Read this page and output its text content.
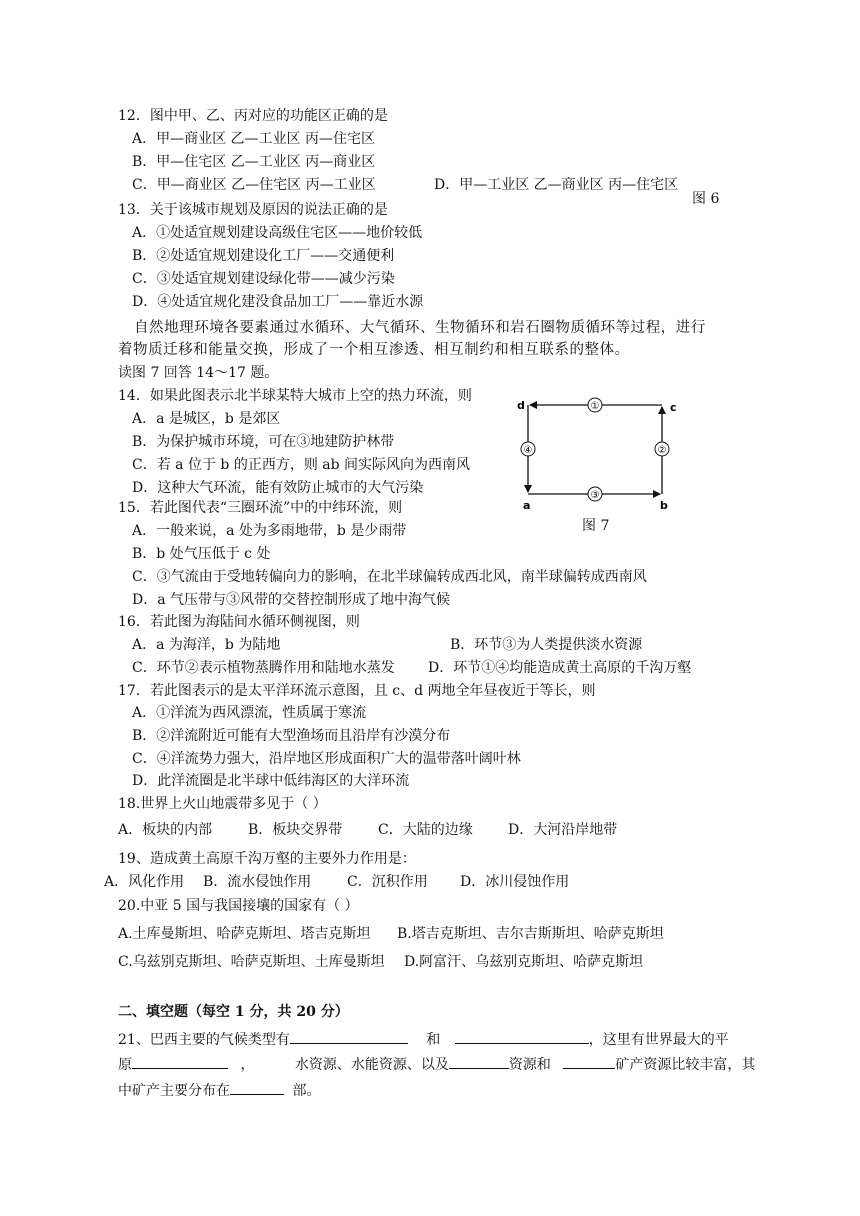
12．图中甲、乙、丙对应的功能区正确的是
A．甲—商业区 乙—工业区 丙—住宅区
B．甲—住宅区 乙—工业区 丙—商业区
C．甲—商业区 乙—住宅区 丙—工业区	D．甲—工业区 乙—商业区 丙—住宅区
图 6
13．关于该城市规划及原因的说法正确的是
A．①处适宜规划建设高级住宅区——地价较低
B．②处适宜规划建设化工厂——交通便利
C．③处适宜规划建设绿化带——减少污染
D．④处适宜规化建没食品加工厂——靠近水源
自然地理环境各要素通过水循环、大气循环、生物循环和岩石圈物质循环等过程，进行
着物质迁移和能量交换，形成了一个相互渗透、相互制约和相互联系的整体。
读图 7 回答 14～17 题。
14．如果此图表示北半球某特大城市上空的热力环流，则
A．a 是城区，b 是郊区
B．为保护城市环境，可在③地建防护林带
C．若 a 位于 b 的正西方，则 ab 间实际风向为西南风
D．这种大气环流，能有效防止城市的大气污染
①
④
③
②
d	c
a	b
图 7
15．若此图代表“三圈环流”中的中纬环流，则
A．一般来说，a 处为多雨地带，b 是少雨带
B．b 处气压低于 c 处
C．③气流由于受地转偏向力的影响，在北半球偏转成西北风，南半球偏转成西南风
D．a 气压带与③风带的交替控制形成了地中海气候
16．若此图为海陆间水循环侧视图，则
A．a 为海洋，b 为陆地	B．环节③为人类提供淡水资源
C．环节②表示植物蒸腾作用和陆地水蒸发 D．环节①④均能造成黄土高原的千沟万壑
17．若此图表示的是太平洋环流示意图，且 c、d 两地全年昼夜近于等长，则
A．①洋流为西风漂流，性质属于寒流
B．②洋流附近可能有大型渔场而且沿岸有沙漠分布
C．④洋流势力强大，沿岸地区形成面积广大的温带落叶阔叶林
D．此洋流圈是北半球中低纬海区的大洋环流
18.世界上火山地震带多见于（ ）
A．板块的内部	B．板块交界带	C．大陆的边缘	D．大河沿岸地带
19、造成黄土高原千沟万壑的主要外力作用是：
A．风化作用 B．流水侵蚀作用	C．沉积作用 D．冰川侵蚀作用
20.中亚 5 国与我国接壤的国家有（ ）
A.土库曼斯坦、哈萨克斯坦、塔吉克斯坦 B.塔吉克斯坦、吉尔吉斯斯坦、哈萨克斯坦
C.乌兹别克斯坦、哈萨克斯坦、土库曼斯坦 D.阿富汗、乌兹别克斯坦、哈萨克斯坦
二、填空题（每空 1 分，共 20 分）
21、巴西主要的气候类型有	和	，这里有世界最大的平
原	，	水资源、水能资源、以及	资源和	矿产资源比较丰富，其
中矿产主要分布在	部。
